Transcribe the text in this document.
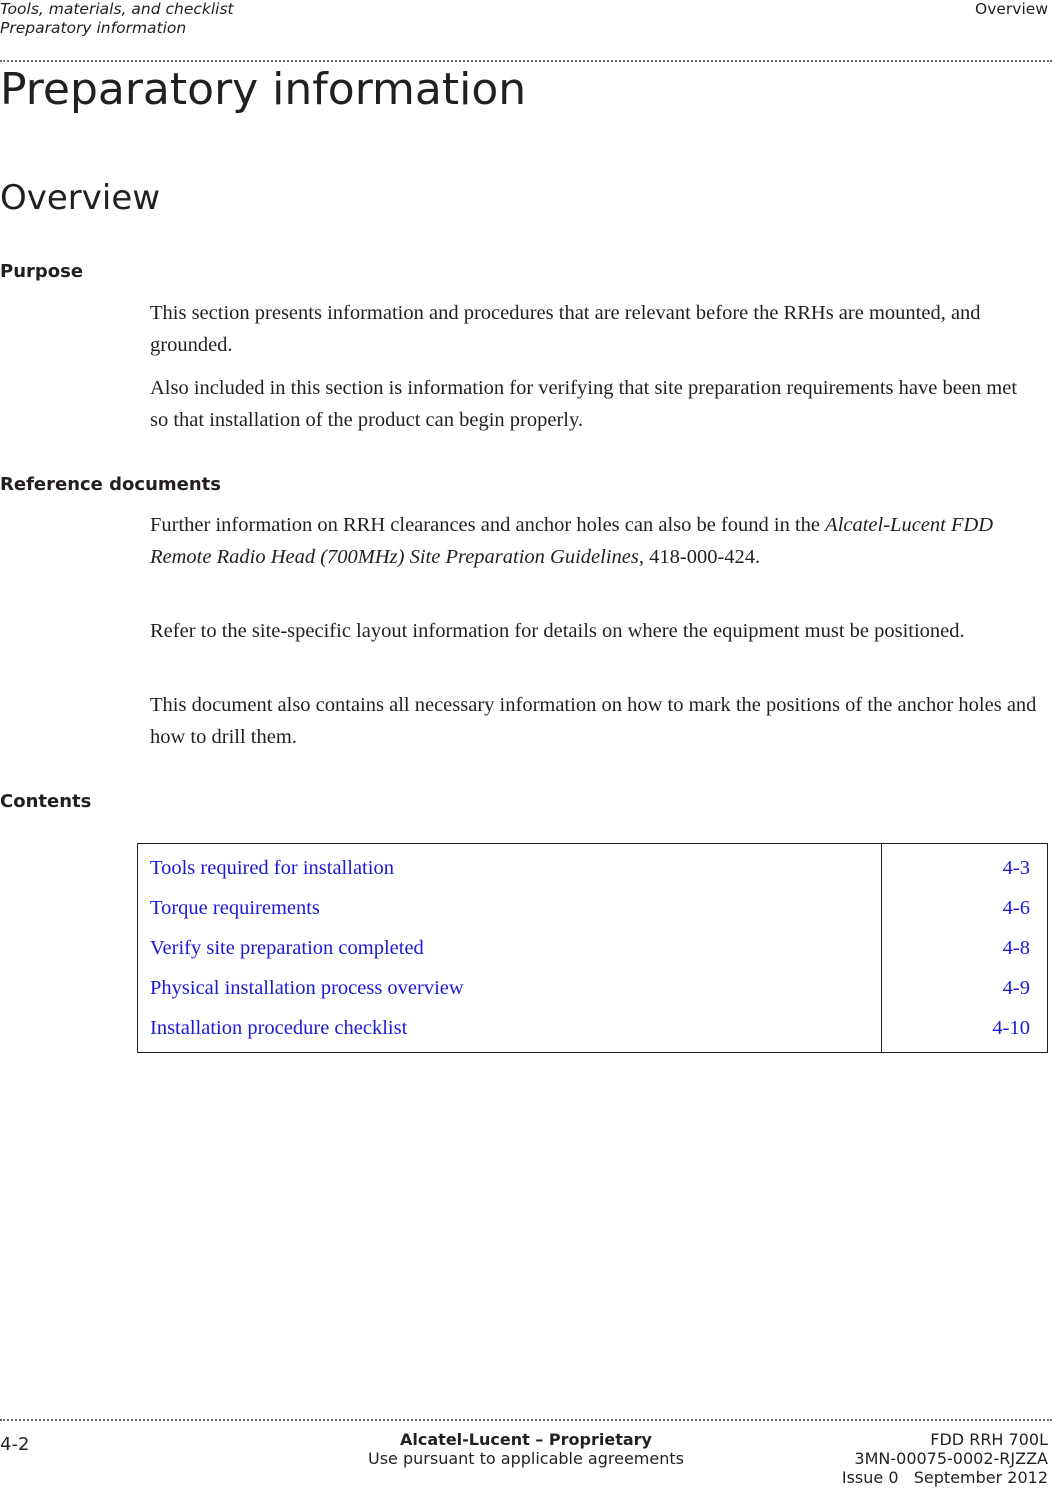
Tools, materials, and checklist
Preparatory information
Overview
Preparatory information
Overview
Purpose
This section presents information and procedures that are relevant before the RRHs are mounted, and grounded.
Also included in this section is information for verifying that site preparation requirements have been met so that installation of the product can begin properly.
Reference documents
Further information on RRH clearances and anchor holes can also be found in the Alcatel-Lucent FDD Remote Radio Head (700MHz) Site Preparation Guidelines, 418-000-424.
Refer to the site-specific layout information for details on where the equipment must be positioned.
This document also contains all necessary information on how to mark the positions of the anchor holes and how to drill them.
Contents
Tools required for installation	4-3
Torque requirements	4-6
Verify site preparation completed	4-8
Physical installation process overview	4-9
Installation procedure checklist	4-10
4-2	Alcatel-Lucent – Proprietary
Use pursuant to applicable agreements
FDD RRH 700L
3MN-00075-0002-RJZZA
Issue 0   September 2012
